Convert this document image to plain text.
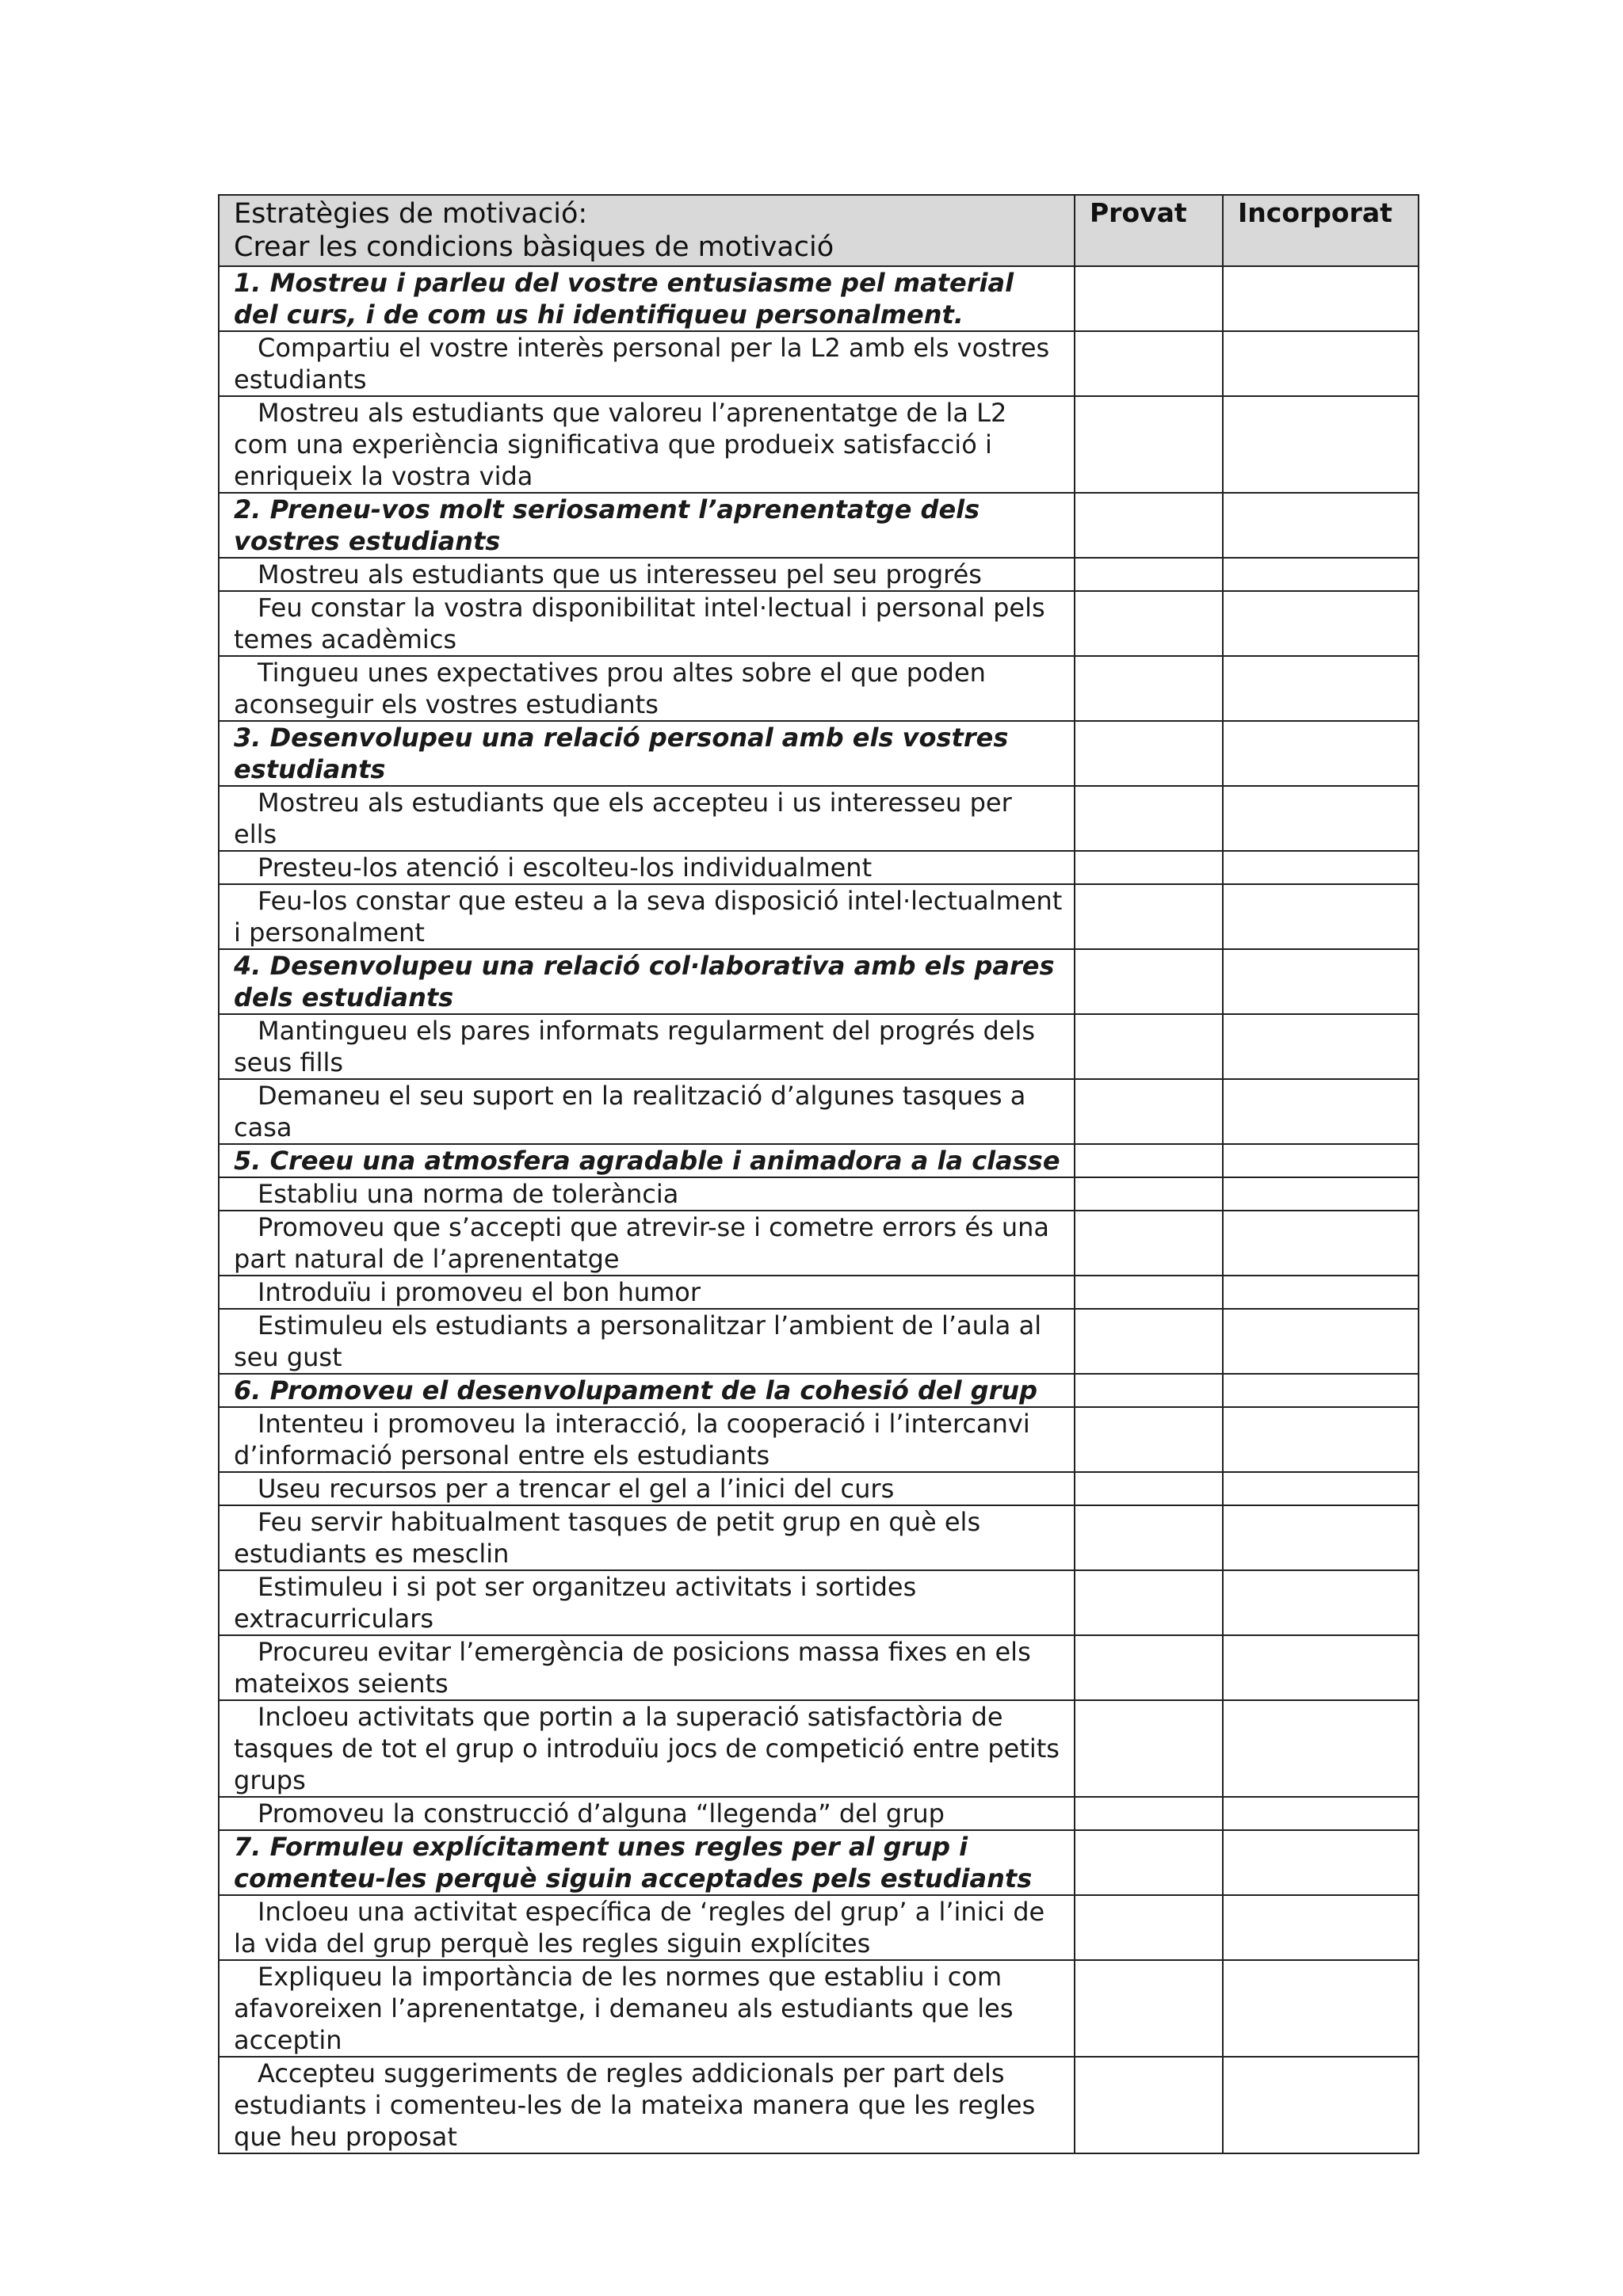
Estratègies de motivació:
Crear les condicions bàsiques de motivació	Provat	Incorporat
1. Mostreu i parleu del vostre entusiasme pel material del curs, i de com us hi identifiqueu personalment.		

Compartiu el vostre interès personal per la L2 amb els vostres estudiants		

Mostreu als estudiants que valoreu l’aprenentatge de la L2 com una experiència significativa que produeix satisfacció i enriqueix la vostra vida		

2. Preneu-vos molt seriosament l’aprenentatge dels vostres estudiants		

Mostreu als estudiants que us interesseu pel seu progrés		

Feu constar la vostra disponibilitat intel·lectual i personal pels temes acadèmics		

Tingueu unes expectatives prou altes sobre el que poden aconseguir els vostres estudiants		

3. Desenvolupeu una relació personal amb els vostres estudiants		

Mostreu als estudiants que els accepteu i us interesseu per ells		

Presteu-los atenció i escolteu-los individualment		

Feu-los constar que esteu a la seva disposició intel·lectualment i personalment		

4. Desenvolupeu una relació col·laborativa amb els pares dels estudiants		

Mantingueu els pares informats regularment del progrés dels seus fills		

Demaneu el seu suport en la realització d’algunes tasques a casa		

5. Creeu una atmosfera agradable i animadora a la classe		

Establiu una norma de tolerància		

Promoveu que s’accepti que atrevir-se i cometre errors és una part natural de l’aprenentatge		

Introduïu i promoveu el bon humor		

Estimuleu els estudiants a personalitzar l’ambient de l’aula al seu gust		

6. Promoveu el desenvolupament de la cohesió del grup		

Intenteu i promoveu la interacció, la cooperació i l’intercanvi d’informació personal entre els estudiants		

Useu recursos per a trencar el gel a l’inici del curs		

Feu servir habitualment tasques de petit grup en què els estudiants es mesclin		

Estimuleu i si pot ser organitzeu activitats i sortides extracurriculars		

Procureu evitar l’emergència de posicions massa fixes en els mateixos seients		

Incloeu activitats que portin a la superació satisfactòria de tasques de tot el grup o introduïu jocs de competició entre petits grups		

Promoveu la construcció d’alguna “llegenda” del grup		

7. Formuleu explícitament unes regles per al grup i comenteu-les perquè siguin acceptades pels estudiants		

Incloeu una activitat específica de ‘regles del grup’ a l’inici de la vida del grup perquè les regles siguin explícites		

Expliqueu la importància de les normes que establiu i com afavoreixen l’aprenentatge, i demaneu als estudiants que les acceptin		

Accepteu suggeriments de regles addicionals per part dels estudiants i comenteu-les de la mateixa manera que les regles que heu proposat		
